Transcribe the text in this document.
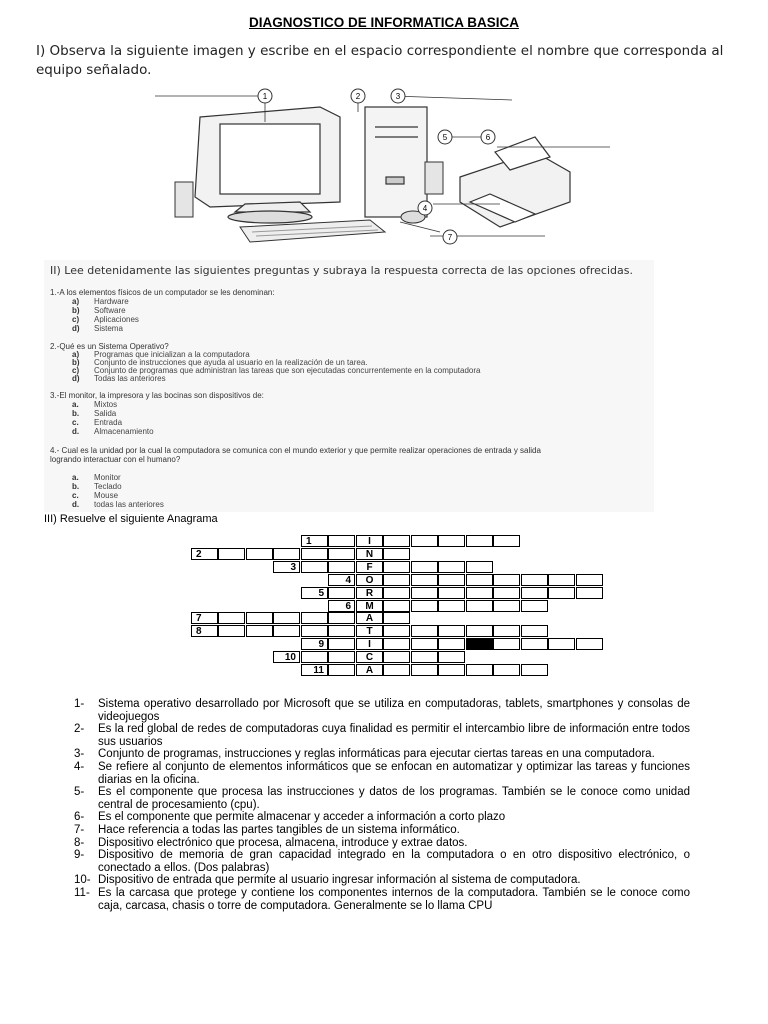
DIAGNOSTICO DE INFORMATICA BASICA
I) Observa la siguiente imagen y escribe en el espacio correspondiente el nombre que corresponda al equipo señalado.
1	2	3
4
5	6
7
II) Lee detenidamente las siguientes preguntas y subraya la respuesta correcta de las opciones ofrecidas.
1.-A los elementos físicos de un computador se les denominan:
a) Hardware
b) Software
c) Aplicaciones
d) Sistema
2.-Qué es un Sistema Operativo?
a) Programas que inicializan a la computadora
b) Conjunto de instrucciones que ayuda al usuario en la realización de un tarea.
c) Conjunto de programas que administran las tareas que son ejecutadas concurrentemente en la computadora
d) Todas las anteriores
3.-El monitor, la impresora y las bocinas son dispositivos de:
a. Mixtos
b. Salida
c. Entrada
d. Almacenamiento
4.- Cual es la unidad por la cual la computadora se comunica con el mundo exterior y que permite realizar operaciones de entrada y salida
logrando interactuar con el humano?
a. Monitor
b. Teclado
c. Mouse
d. todas las anteriores
III) Resuelve el siguiente Anagrama
1	I
2	N
3	F
4	O
5	R
6	M
7	A
8	T
9	I
10	C
11	A
1- Sistema operativo desarrollado por Microsoft que se utiliza en computadoras, tablets, smartphones y consolas de videojuegos
2- Es la red global de redes de computadoras cuya finalidad es permitir el intercambio libre de información entre todos sus usuarios
3- Conjunto de programas, instrucciones y reglas informáticas para ejecutar ciertas tareas en una computadora.
4- Se refiere al conjunto de elementos informáticos que se enfocan en automatizar y optimizar las tareas y funciones diarias en la oficina.
5- Es el componente que procesa las instrucciones y datos de los programas. También se le conoce como unidad central de procesamiento (cpu).
6- Es el componente que permite almacenar y acceder a información a corto plazo
7- Hace referencia a todas las partes tangibles de un sistema informático.
8- Dispositivo electrónico que procesa, almacena, introduce y extrae datos.
9- Dispositivo de memoria de gran capacidad integrado en la computadora o en otro dispositivo electrónico, o conectado a ellos. (Dos palabras)
10- Dispositivo de entrada que permite al usuario ingresar información al sistema de computadora.
11- Es la carcasa que protege y contiene los componentes internos de la computadora. También se le conoce como caja, carcasa, chasis o torre de computadora. Generalmente se lo llama CPU
